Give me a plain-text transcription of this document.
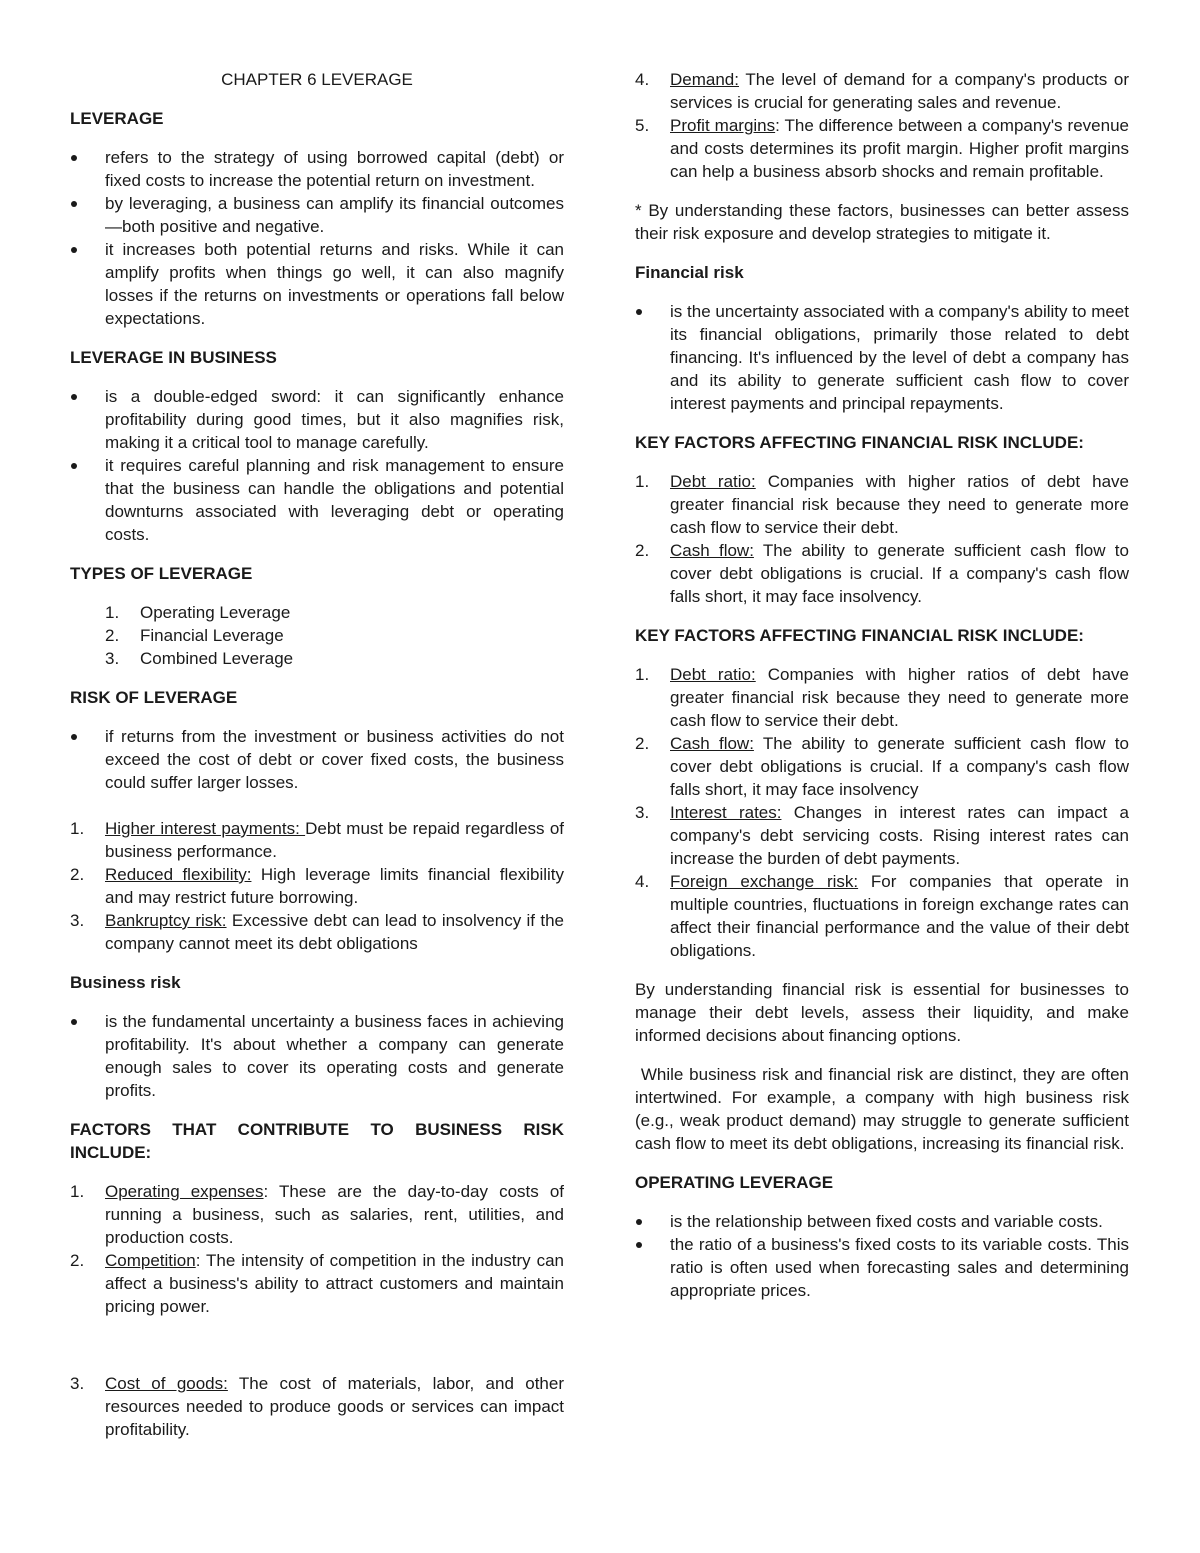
CHAPTER 6 LEVERAGE
LEVERAGE
refers to the strategy of using borrowed capital (debt) or fixed costs to increase the potential return on investment.
by leveraging, a business can amplify its financial outcomes—both positive and negative.
it increases both potential returns and risks. While it can amplify profits when things go well, it can also magnify losses if the returns on investments or operations fall below expectations.
LEVERAGE IN BUSINESS
is a double-edged sword: it can significantly enhance profitability during good times, but it also magnifies risk, making it a critical tool to manage carefully.
it requires careful planning and risk management to ensure that the business can handle the obligations and potential downturns associated with leveraging debt or operating costs.
TYPES OF LEVERAGE
1. Operating Leverage
2. Financial Leverage
3. Combined Leverage
RISK OF LEVERAGE
if returns from the investment or business activities do not exceed the cost of debt or cover fixed costs, the business could suffer larger losses.
1. Higher interest payments: Debt must be repaid regardless of business performance.
2. Reduced flexibility: High leverage limits financial flexibility and may restrict future borrowing.
3. Bankruptcy risk: Excessive debt can lead to insolvency if the company cannot meet its debt obligations
Business risk
is the fundamental uncertainty a business faces in achieving profitability. It's about whether a company can generate enough sales to cover its operating costs and generate profits.
FACTORS THAT CONTRIBUTE TO BUSINESS RISK INCLUDE:
1. Operating expenses: These are the day-to-day costs of running a business, such as salaries, rent, utilities, and production costs.
2. Competition: The intensity of competition in the industry can affect a business's ability to attract customers and maintain pricing power.
3. Cost of goods: The cost of materials, labor, and other resources needed to produce goods or services can impact profitability.
4. Demand: The level of demand for a company's products or services is crucial for generating sales and revenue.
5. Profit margins: The difference between a company's revenue and costs determines its profit margin. Higher profit margins can help a business absorb shocks and remain profitable.

* By understanding these factors, businesses can better assess their risk exposure and develop strategies to mitigate it.

Financial risk
is the uncertainty associated with a company's ability to meet its financial obligations, primarily those related to debt financing. It's influenced by the level of debt a company has and its ability to generate sufficient cash flow to cover interest payments and principal repayments.
KEY FACTORS AFFECTING FINANCIAL RISK INCLUDE:
1. Debt ratio: Companies with higher ratios of debt have greater financial risk because they need to generate more cash flow to service their debt.
2. Cash flow: The ability to generate sufficient cash flow to cover debt obligations is crucial. If a company's cash flow falls short, it may face insolvency.
KEY FACTORS AFFECTING FINANCIAL RISK INCLUDE:
1. Debt ratio: Companies with higher ratios of debt have greater financial risk because they need to generate more cash flow to service their debt.
2. Cash flow: The ability to generate sufficient cash flow to cover debt obligations is crucial. If a company's cash flow falls short, it may face insolvency
3. Interest rates: Changes in interest rates can impact a company's debt servicing costs. Rising interest rates can increase the burden of debt payments.
4. Foreign exchange risk: For companies that operate in multiple countries, fluctuations in foreign exchange rates can affect their financial performance and the value of their debt obligations.

By understanding financial risk is essential for businesses to manage their debt levels, assess their liquidity, and make informed decisions about financing options.

While business risk and financial risk are distinct, they are often intertwined. For example, a company with high business risk (e.g., weak product demand) may struggle to generate sufficient cash flow to meet its debt obligations, increasing its financial risk.

OPERATING LEVERAGE
is the relationship between fixed costs and variable costs.
the ratio of a business's fixed costs to its variable costs. This ratio is often used when forecasting sales and determining appropriate prices.
